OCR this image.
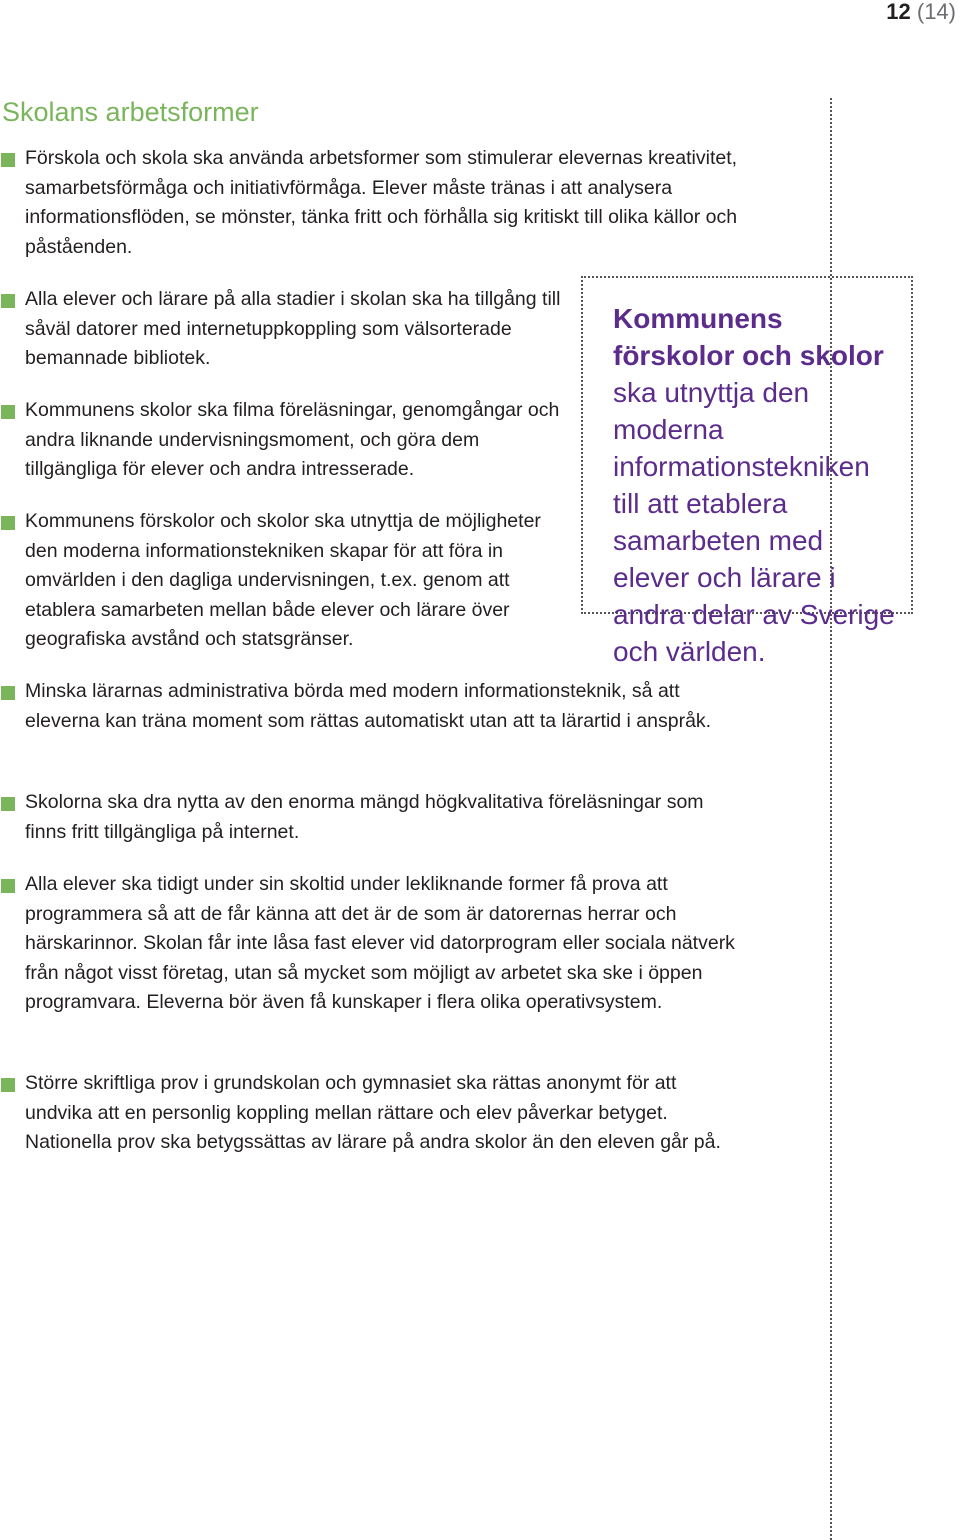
12 (14)
Skolans arbetsformer

Förskola och skola ska använda arbetsformer som stimulerar elevernas kreativitet, samarbetsförmåga och initiativförmåga. Elever måste tränas i att analysera informationsflöden, se mönster, tänka fritt och förhålla sig kritiskt till olika källor och påståenden.

Alla elever och lärare på alla stadier i skolan ska ha tillgång till såväl datorer med internetuppkoppling som välsorterade bemannade bibliotek.

Kommunens skolor ska filma föreläsningar, genomgångar och andra liknande undervisningsmoment, och göra dem tillgängliga för elever och andra intresserade.

Kommunens förskolor och skolor ska utnyttja de möjligheter den moderna informationstekniken skapar för att föra in omvärlden i den dagliga undervisningen, t.ex. genom att etablera samarbeten mellan både elever och lärare över geografiska avstånd och statsgränser.

Minska lärarnas administrativa börda med modern informationsteknik, så att eleverna kan träna moment som rättas automatiskt utan att ta lärartid i anspråk.

Skolorna ska dra nytta av den enorma mängd högkvalitativa föreläsningar som finns fritt tillgängliga på internet.

Alla elever ska tidigt under sin skoltid under lekliknande former få prova att programmera så att de får känna att det är de som är datorernas herrar och härskarinnor. Skolan får inte låsa fast elever vid datorprogram eller sociala nätverk från något visst företag, utan så mycket som möjligt av arbetet ska ske i öppen programvara. Eleverna bör även få kunskaper i flera olika operativsystem.

Större skriftliga prov i grundskolan och gymnasiet ska rättas anonymt för att undvika att en personlig koppling mellan rättare och elev påverkar betyget. Nationella prov ska betygssättas av lärare på andra skolor än den eleven går på.

Kommunens förskolor och skolor ska utnyttja den moderna informationstekniken till att etablera samarbeten med elever och lärare i andra delar av Sverige och världen.
